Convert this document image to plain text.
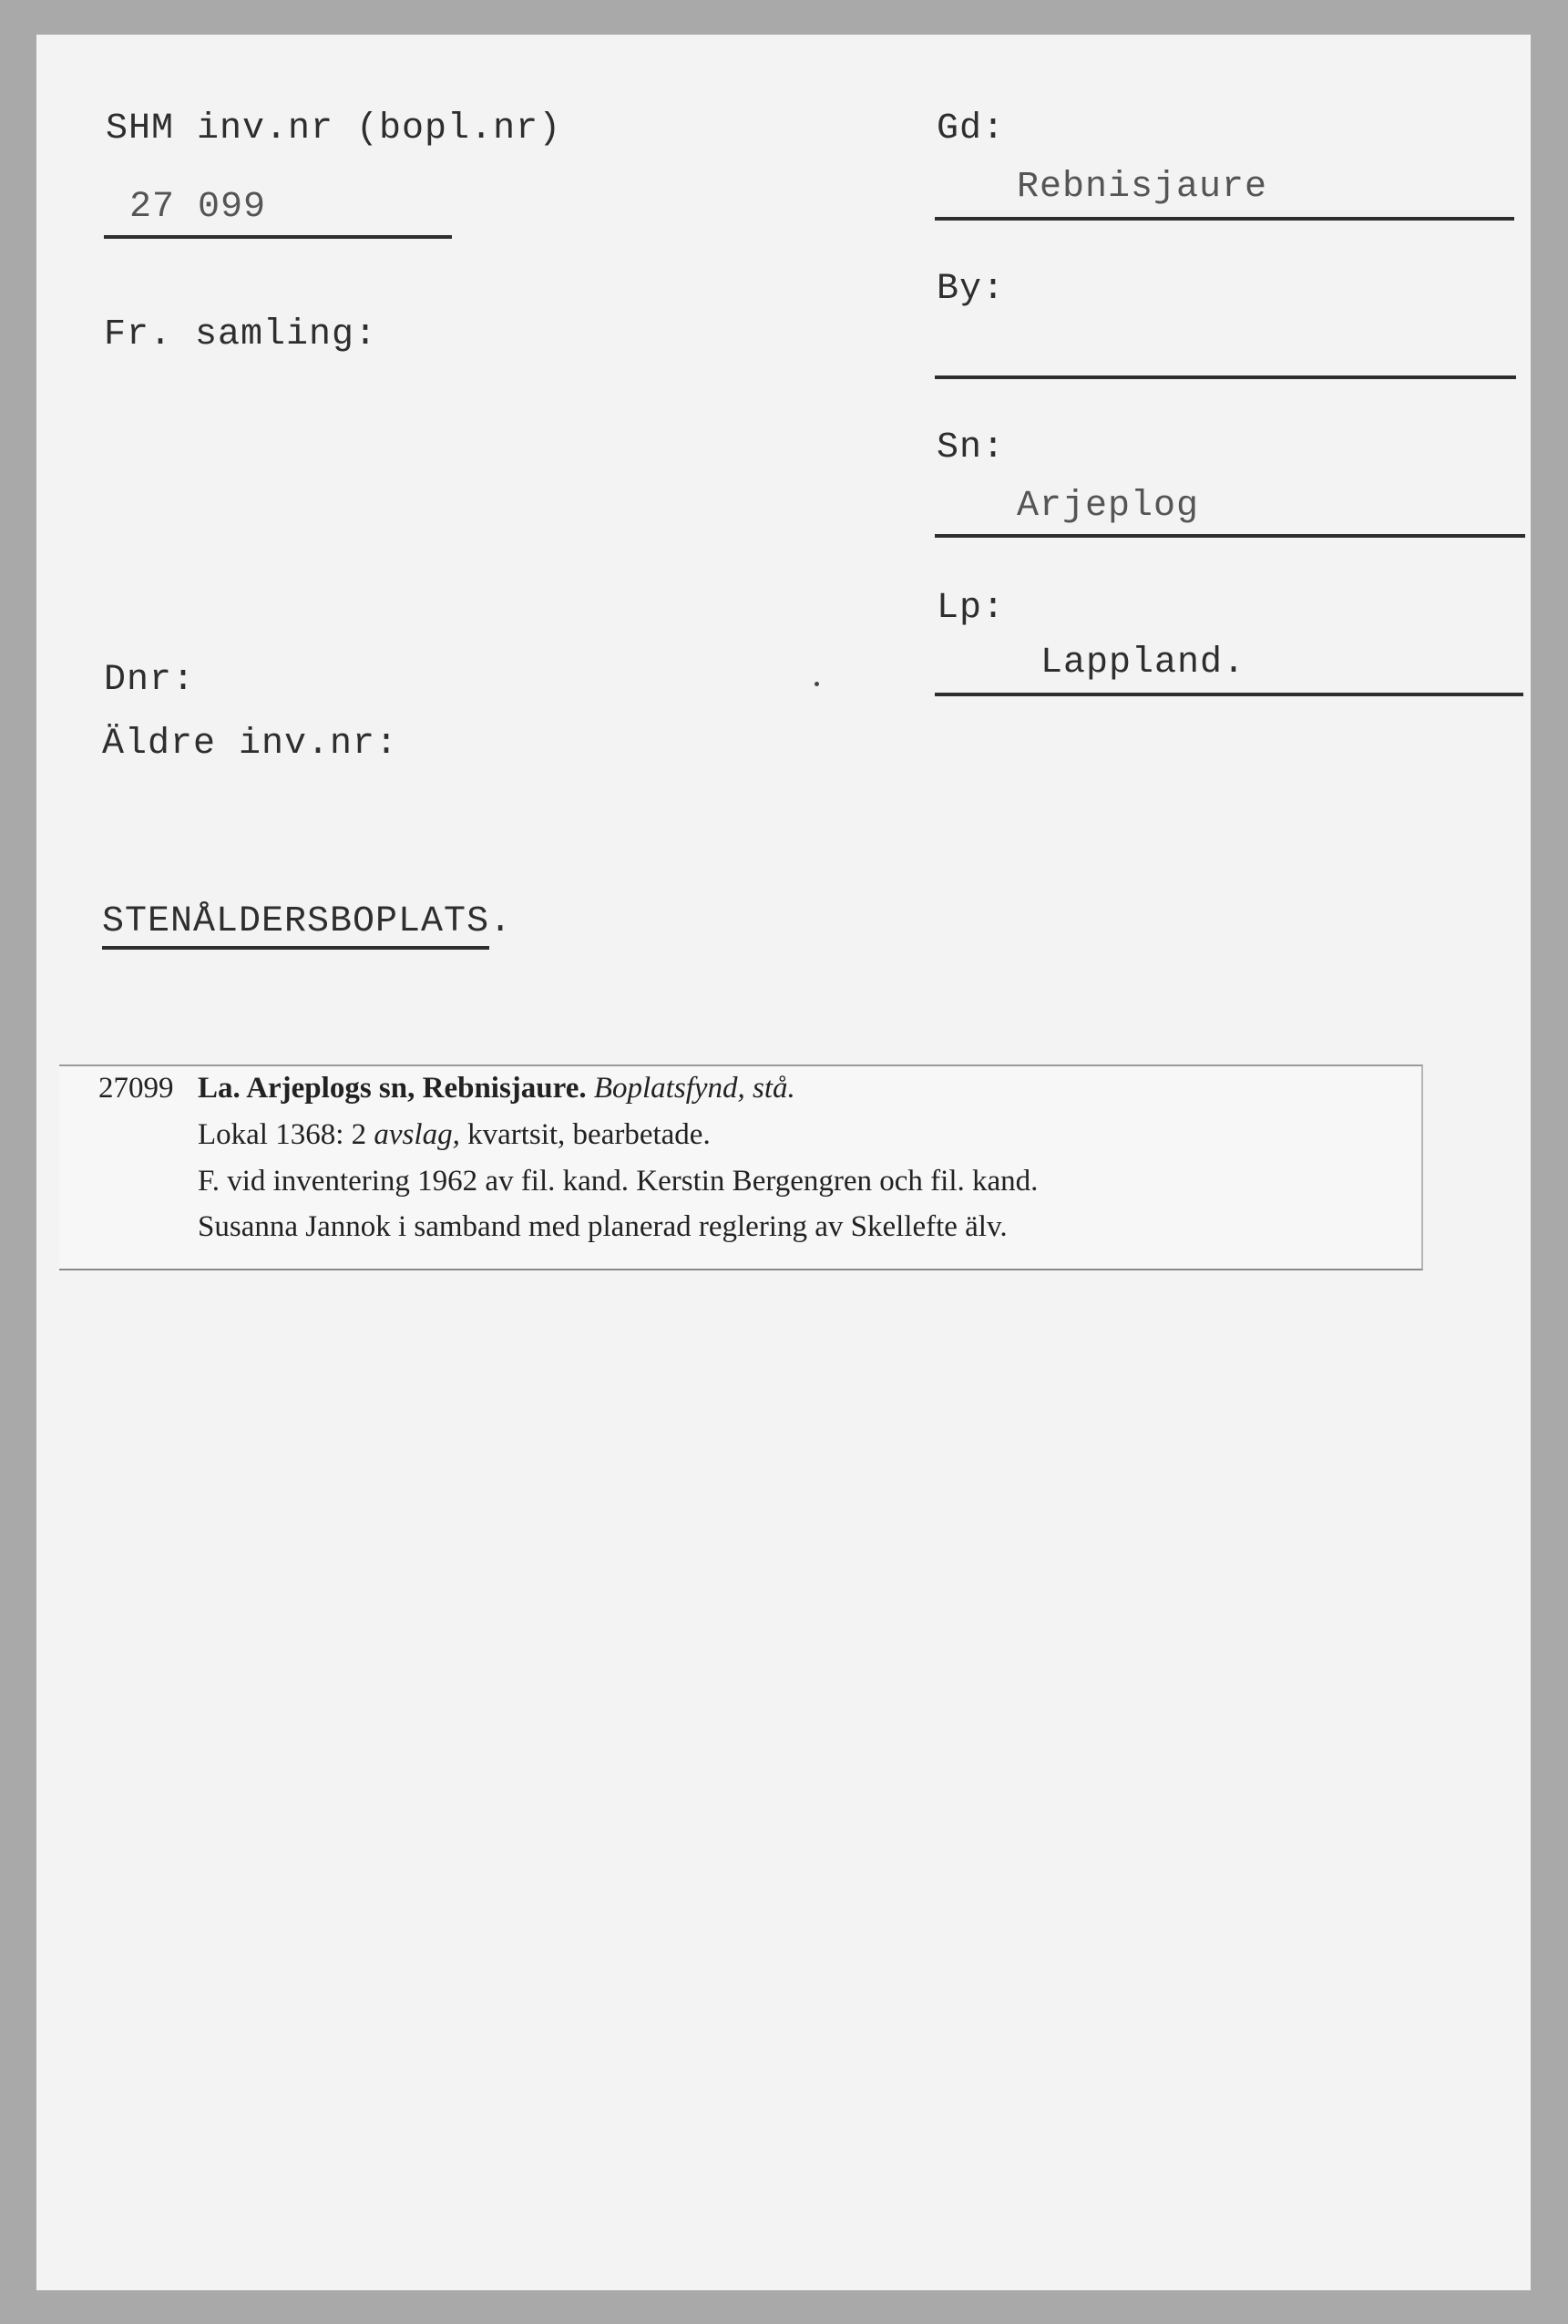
SHM inv.nr (bopl.nr)
27 099
Fr. samling:
Dnr:
Äldre inv.nr:
STENÅLDERSBOPLATS.
Gd:
Rebnisjaure
By:
Sn:
Arjeplog
Lp:
Lappland.
27099 La. Arjeplogs sn, Rebnisjaure. Boplatsfynd, stå.
Lokal 1368: 2 avslag, kvartsit, bearbetade.
F. vid inventering 1962 av fil. kand. Kerstin Bergengren och fil. kand.
Susanna Jannok i samband med planerad reglering av Skellefte älv.
